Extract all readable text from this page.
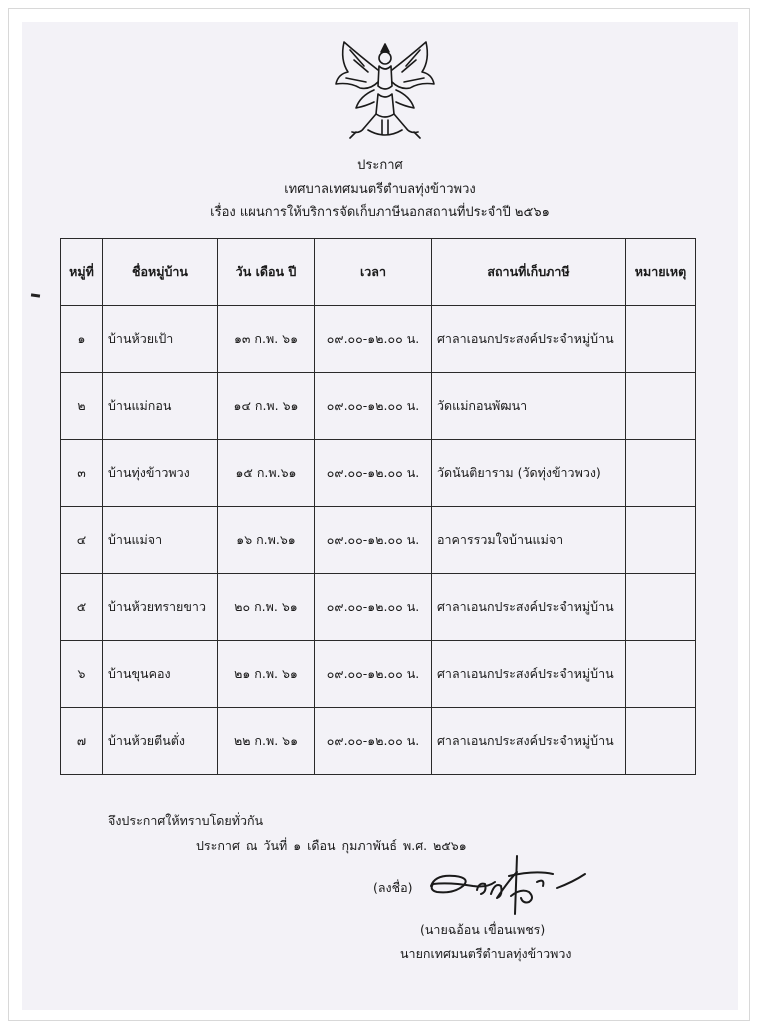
ประกาศ
เทศบาลเทศมนตรีตำบลทุ่งข้าวพวง
เรื่อง แผนการให้บริการจัดเก็บภาษีนอกสถานที่ประจำปี ๒๕๖๑
หมู่ที่	ชื่อหมู่บ้าน	วัน เดือน ปี	เวลา	สถานที่เก็บภาษี	หมายเหตุ
๑	บ้านห้วยเป้า	๑๓ ก.พ. ๖๑	๐๙.๐๐-๑๒.๐๐ น.	ศาลาเอนกประสงค์ประจำหมู่บ้าน	
๒	บ้านแม่กอน	๑๔ ก.พ. ๖๑	๐๙.๐๐-๑๒.๐๐ น.	วัดแม่กอนพัฒนา	
๓	บ้านทุ่งข้าวพวง	๑๕ ก.พ.๖๑	๐๙.๐๐-๑๒.๐๐ น.	วัดนันติยาราม (วัดทุ่งข้าวพวง)	
๔	บ้านแม่จา	๑๖ ก.พ.๖๑	๐๙.๐๐-๑๒.๐๐ น.	อาคารรวมใจบ้านแม่จา	
๕	บ้านห้วยทรายขาว	๒๐ ก.พ. ๖๑	๐๙.๐๐-๑๒.๐๐ น.	ศาลาเอนกประสงค์ประจำหมู่บ้าน	
๖	บ้านขุนคอง	๒๑ ก.พ. ๖๑	๐๙.๐๐-๑๒.๐๐ น.	ศาลาเอนกประสงค์ประจำหมู่บ้าน	
๗	บ้านห้วยตีนตั่ง	๒๒ ก.พ. ๖๑	๐๙.๐๐-๑๒.๐๐ น.	ศาลาเอนกประสงค์ประจำหมู่บ้าน	
จึงประกาศให้ทราบโดยทั่วกัน
ประกาศ ณ วันที่ ๑ เดือน กุมภาพันธ์ พ.ศ. ๒๕๖๑
(ลงชื่อ)
(นายฉอ้อน เขื่อนเพชร)
นายกเทศมนตรีตำบลทุ่งข้าวพวง
